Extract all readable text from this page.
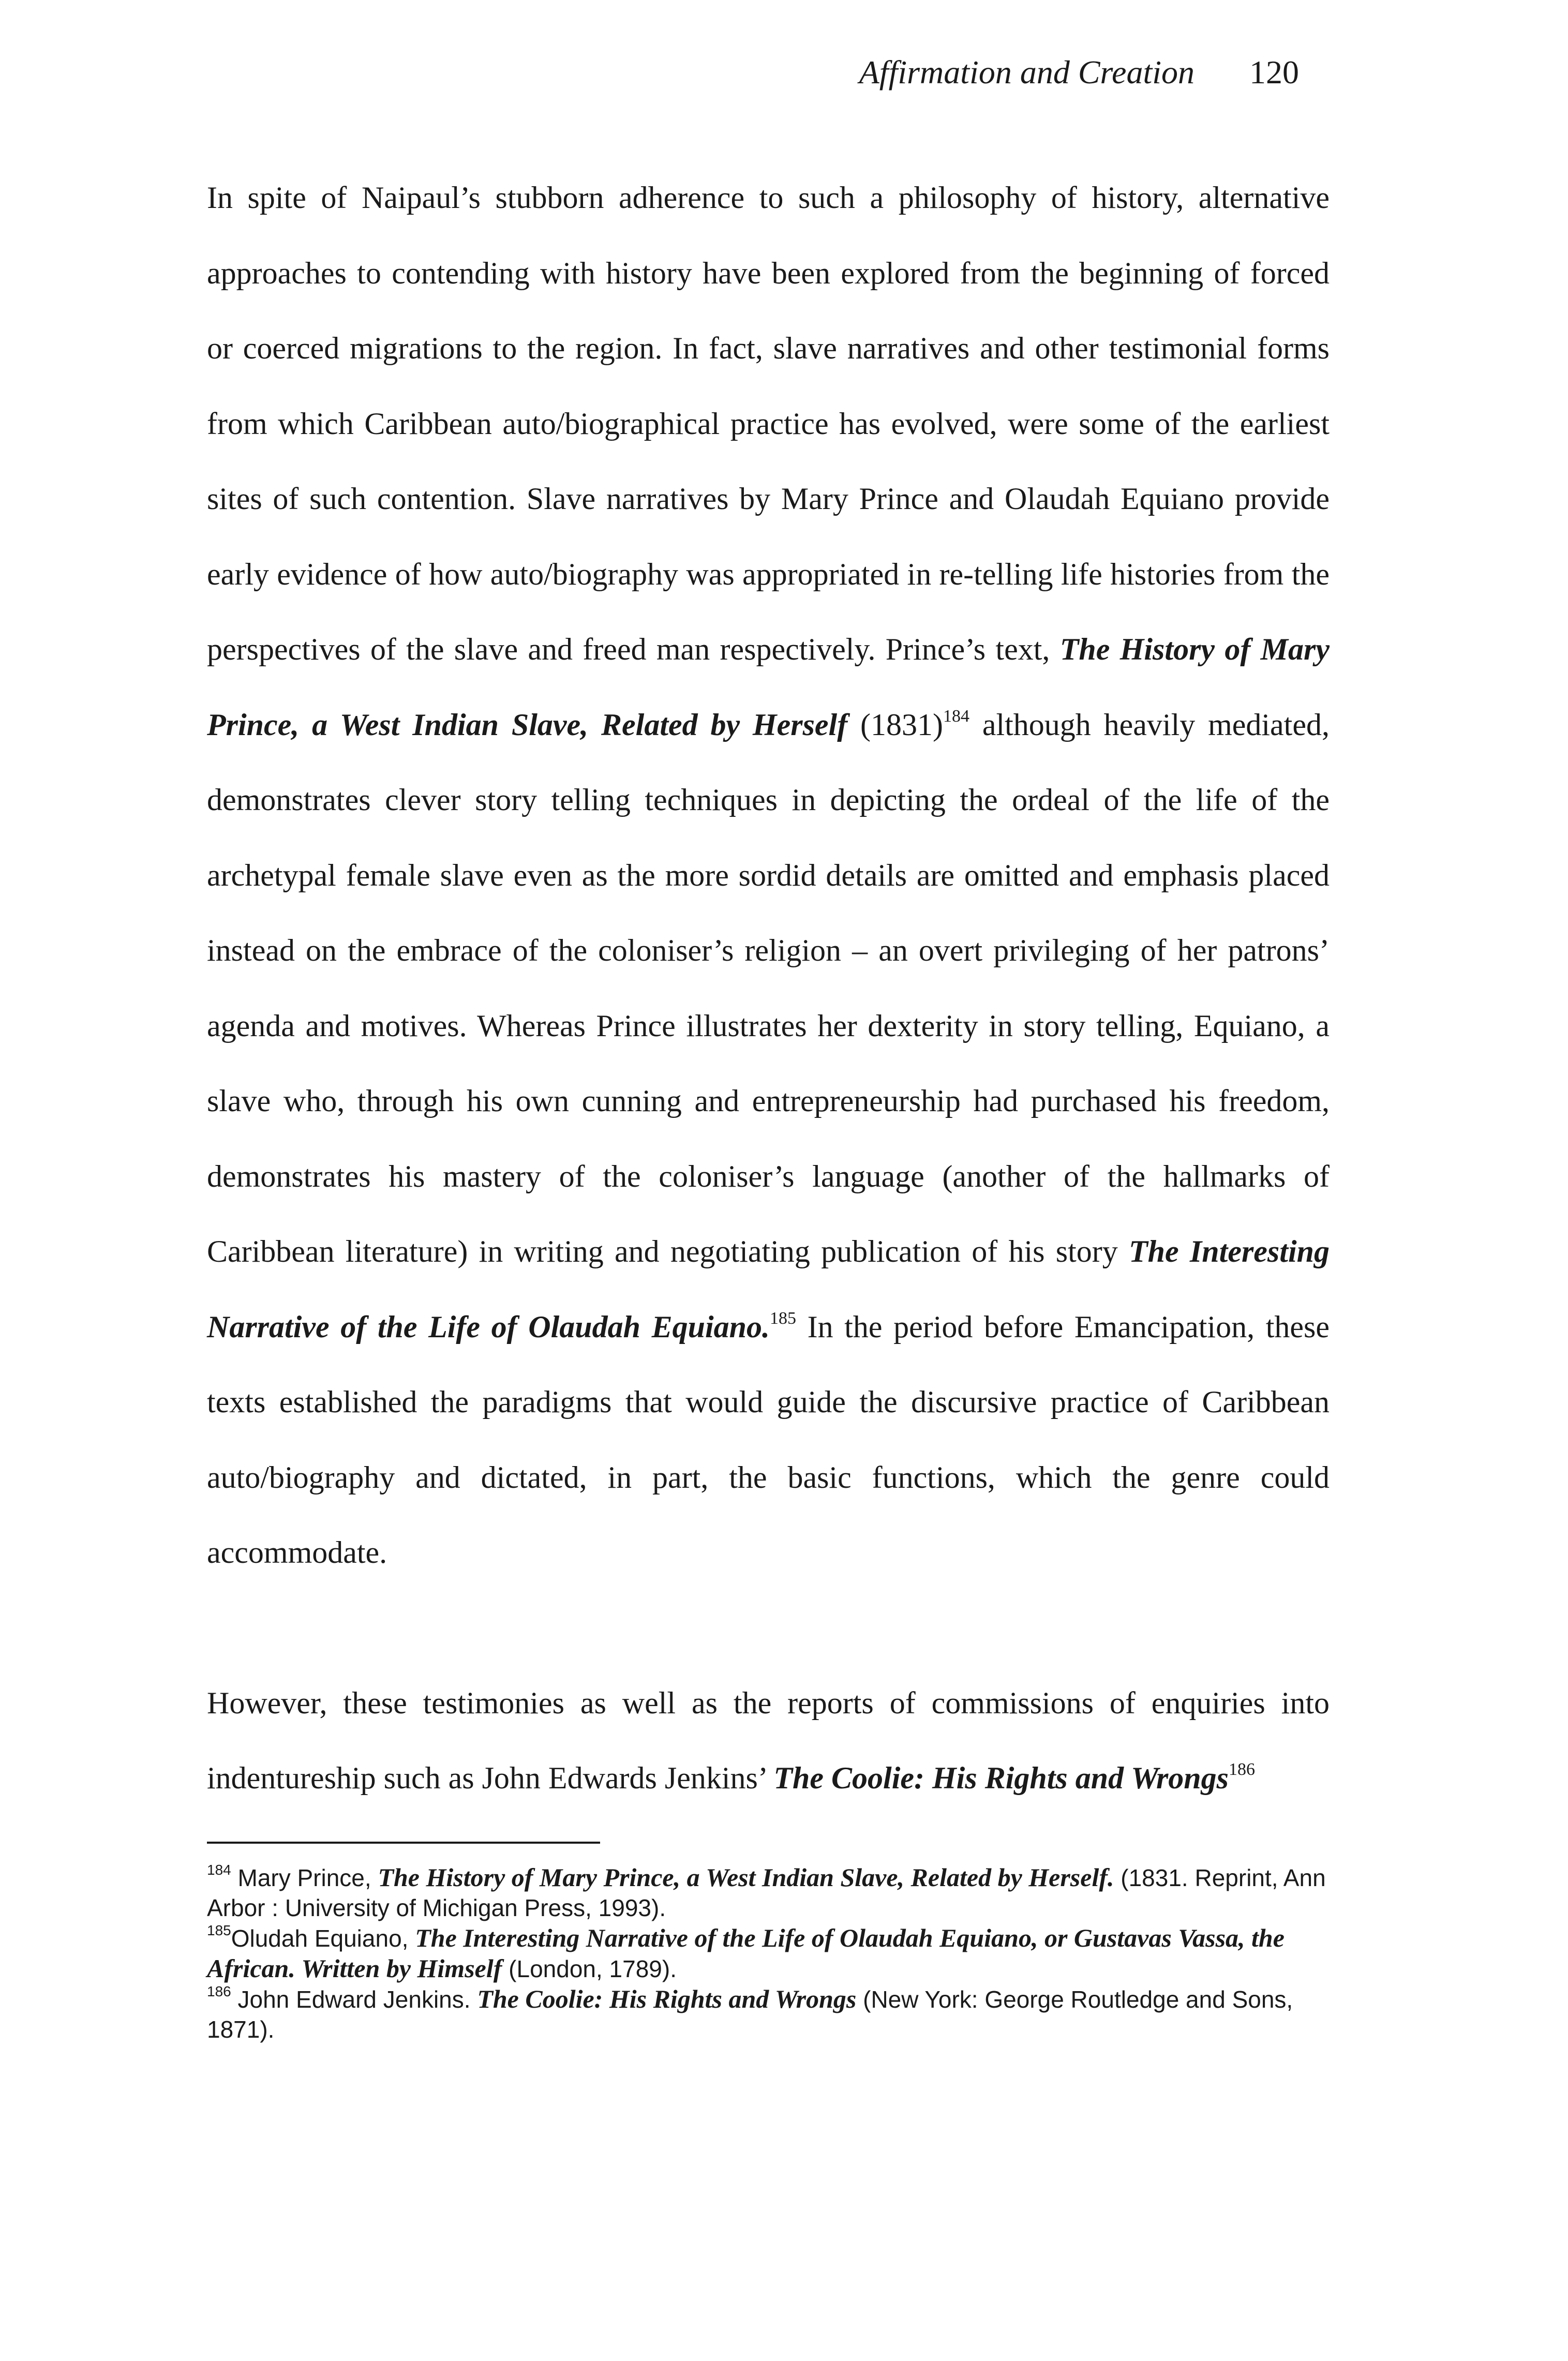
Affirmation and Creation 120

In spite of Naipaul’s stubborn adherence to such a philosophy of history, alternative approaches to contending with history have been explored from the beginning of forced or coerced migrations to the region. In fact, slave narratives and other testimonial forms from which Caribbean auto/biographical practice has evolved, were some of the earliest sites of such contention. Slave narratives by Mary Prince and Olaudah Equiano provide early evidence of how auto/biography was appropriated in re-telling life histories from the perspectives of the slave and freed man respectively. Prince’s text, The History of Mary Prince, a West Indian Slave, Related by Herself (1831)$^{184}$ although heavily mediated, demonstrates clever story telling techniques in depicting the ordeal of the life of the archetypal female slave even as the more sordid details are omitted and emphasis placed instead on the embrace of the coloniser’s religion – an overt privileging of her patrons’ agenda and motives. Whereas Prince illustrates her dexterity in story telling, Equiano, a slave who, through his own cunning and entrepreneurship had purchased his freedom, demonstrates his mastery of the coloniser’s language (another of the hallmarks of Caribbean literature) in writing and negotiating publication of his story The Interesting Narrative of the Life of Olaudah Equiano.$^{185}$ In the period before Emancipation, these texts established the paradigms that would guide the discursive practice of Caribbean auto/biography and dictated, in part, the basic functions, which the genre could accommodate.

However, these testimonies as well as the reports of commissions of enquiries into indentureship such as John Edwards Jenkins’ The Coolie: His Rights and Wrongs$^{186}$

$^{184}$ Mary Prince, The History of Mary Prince, a West Indian Slave, Related by Herself. (1831. Reprint, Ann Arbor : University of Michigan Press, 1993).

$^{185}$Oludah Equiano, The Interesting Narrative of the Life of Olaudah Equiano, or Gustavas Vassa, the African. Written by Himself (London, 1789).

$^{186}$ John Edward Jenkins. The Coolie: His Rights and Wrongs (New York: George Routledge and Sons, 1871).
